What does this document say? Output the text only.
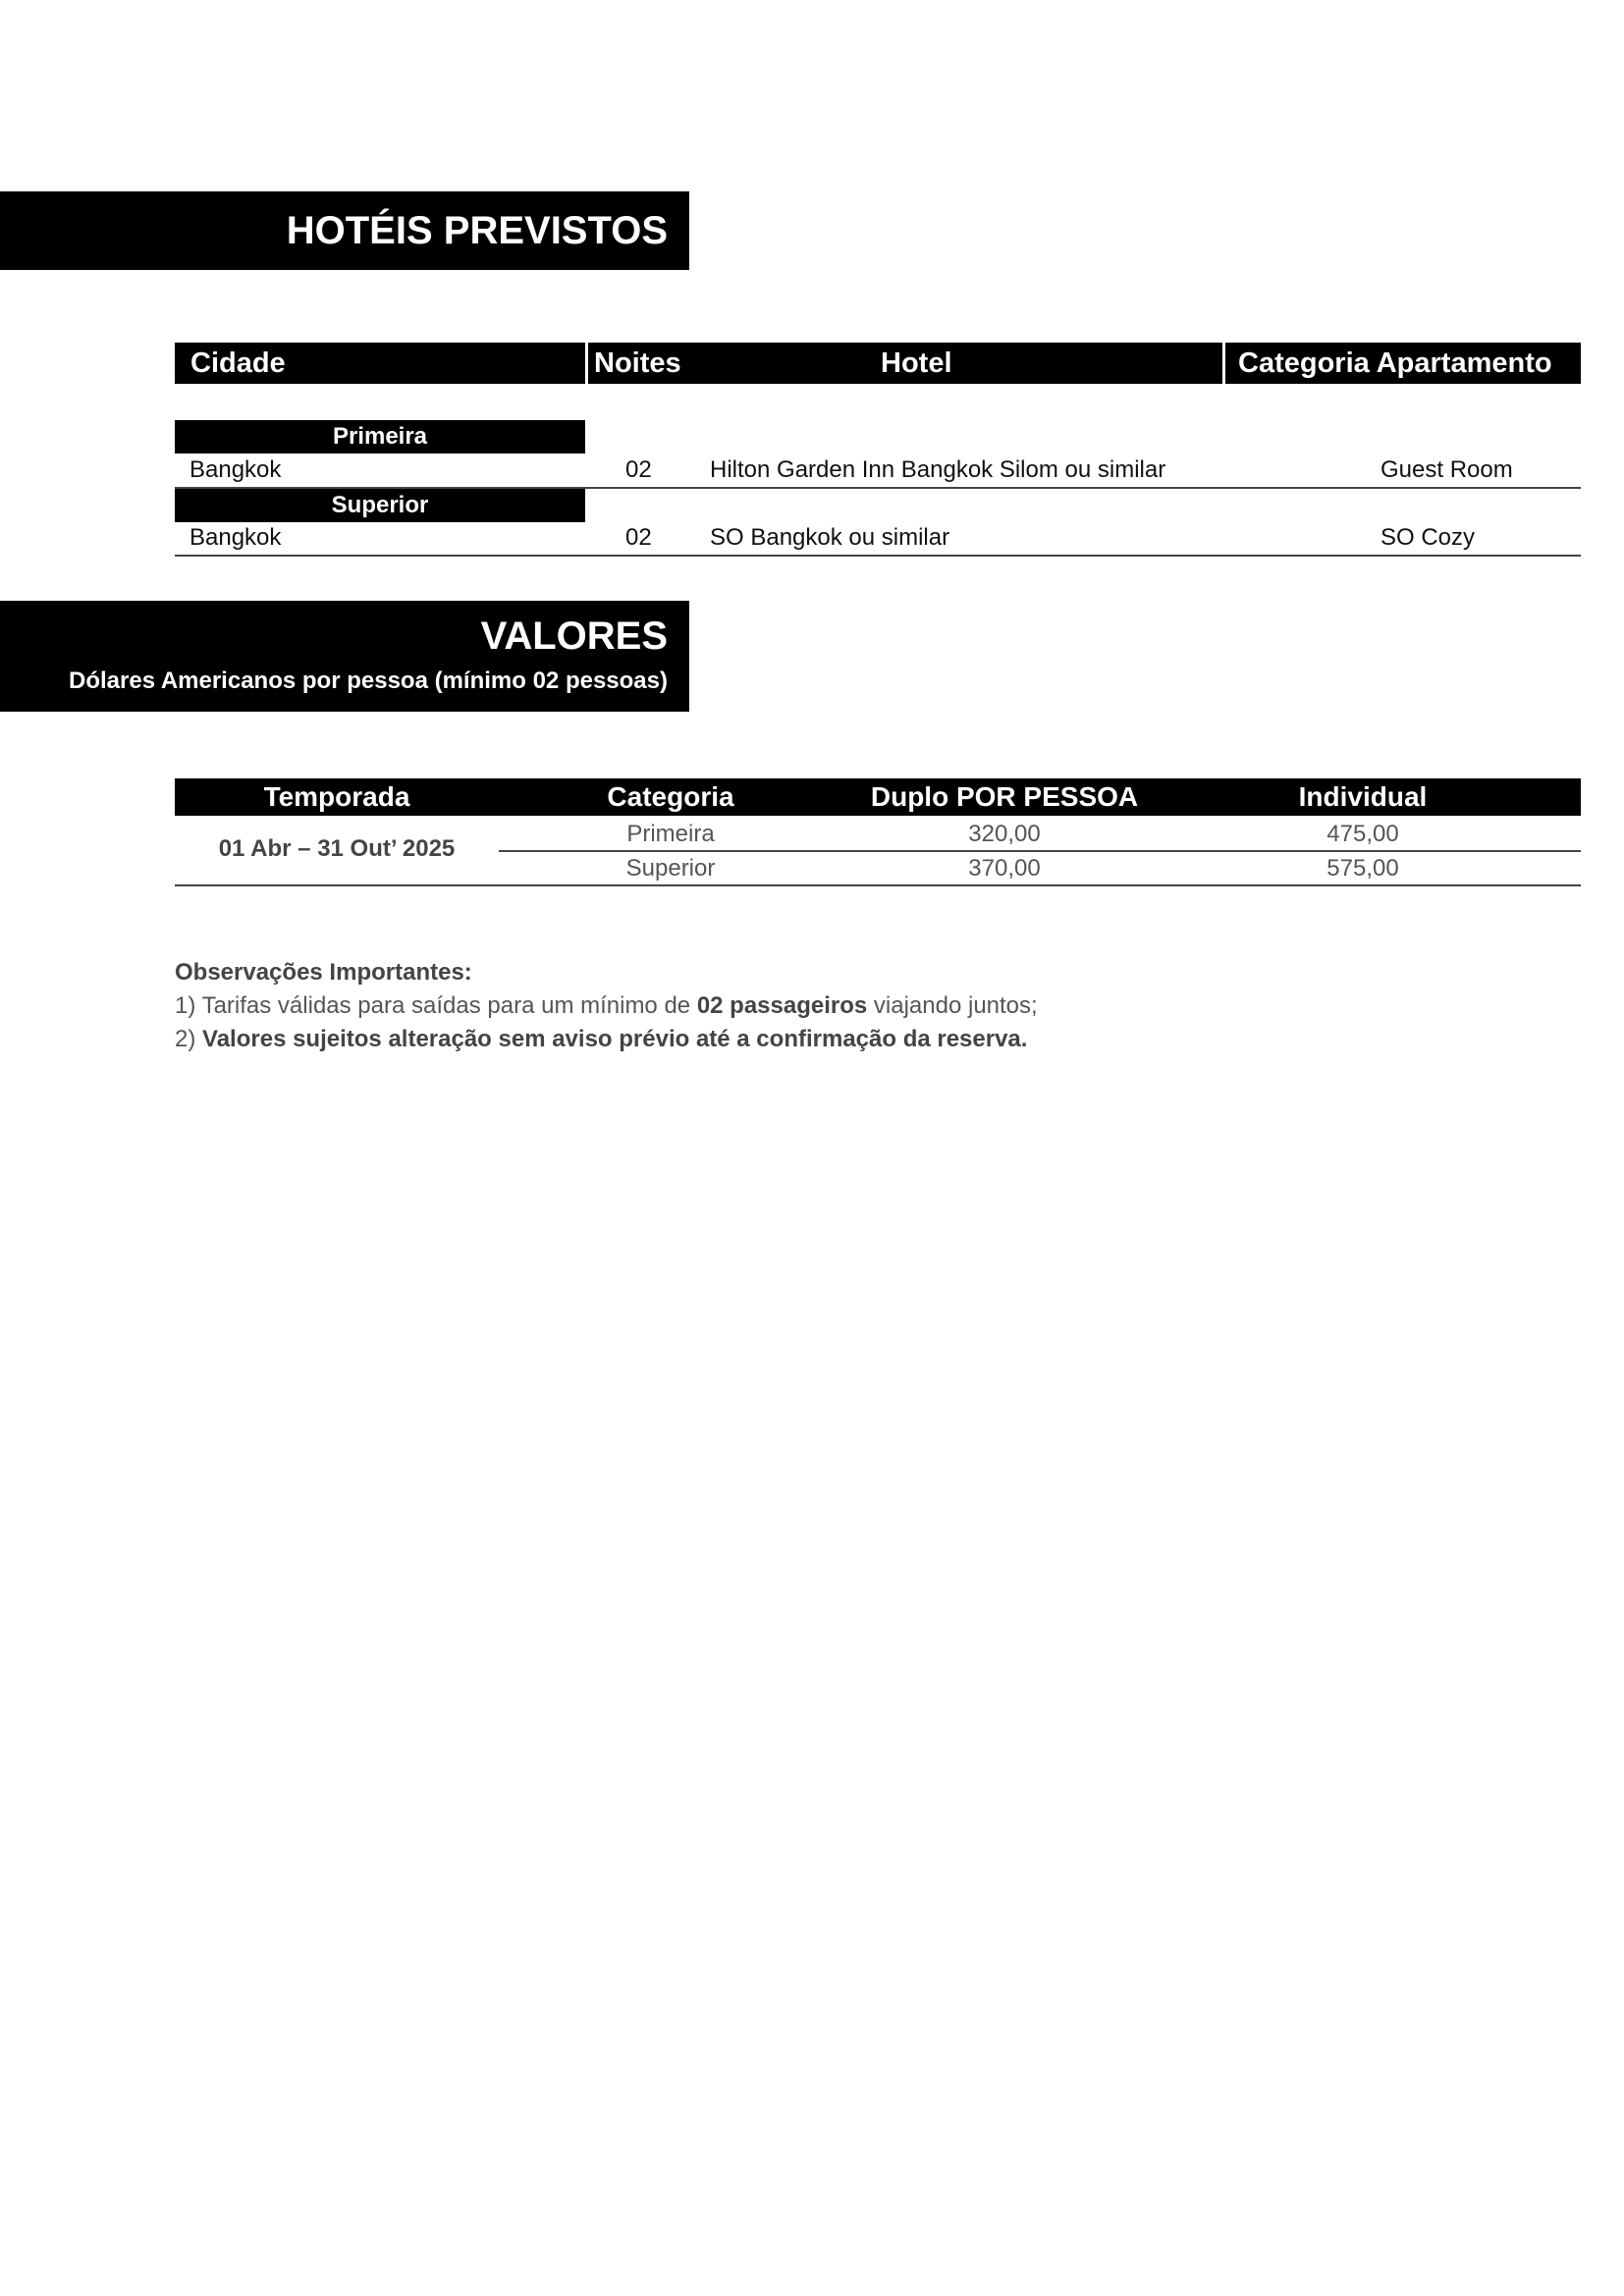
HOTÉIS PREVISTOS
Cidade	Noites	Hotel	Categoria Apartamento
Primeira
Bangkok	02 Hilton Garden Inn Bangkok Silom ou similar	Guest Room
Superior
Bangkok	02 SO Bangkok ou similar	SO Cozy
VALORES
Dólares Americanos por pessoa (mínimo 02 pessoas)
Temporada	Categoria	Duplo POR PESSOA	Individual
01 Abr – 31 Out’ 2025
Primeira	320,00	475,00
Superior	370,00	575,00
Observações Importantes:
1) Tarifas válidas para saídas para um mínimo de 02 passageiros viajando juntos;
2) Valores sujeitos alteração sem aviso prévio até a confirmação da reserva.
